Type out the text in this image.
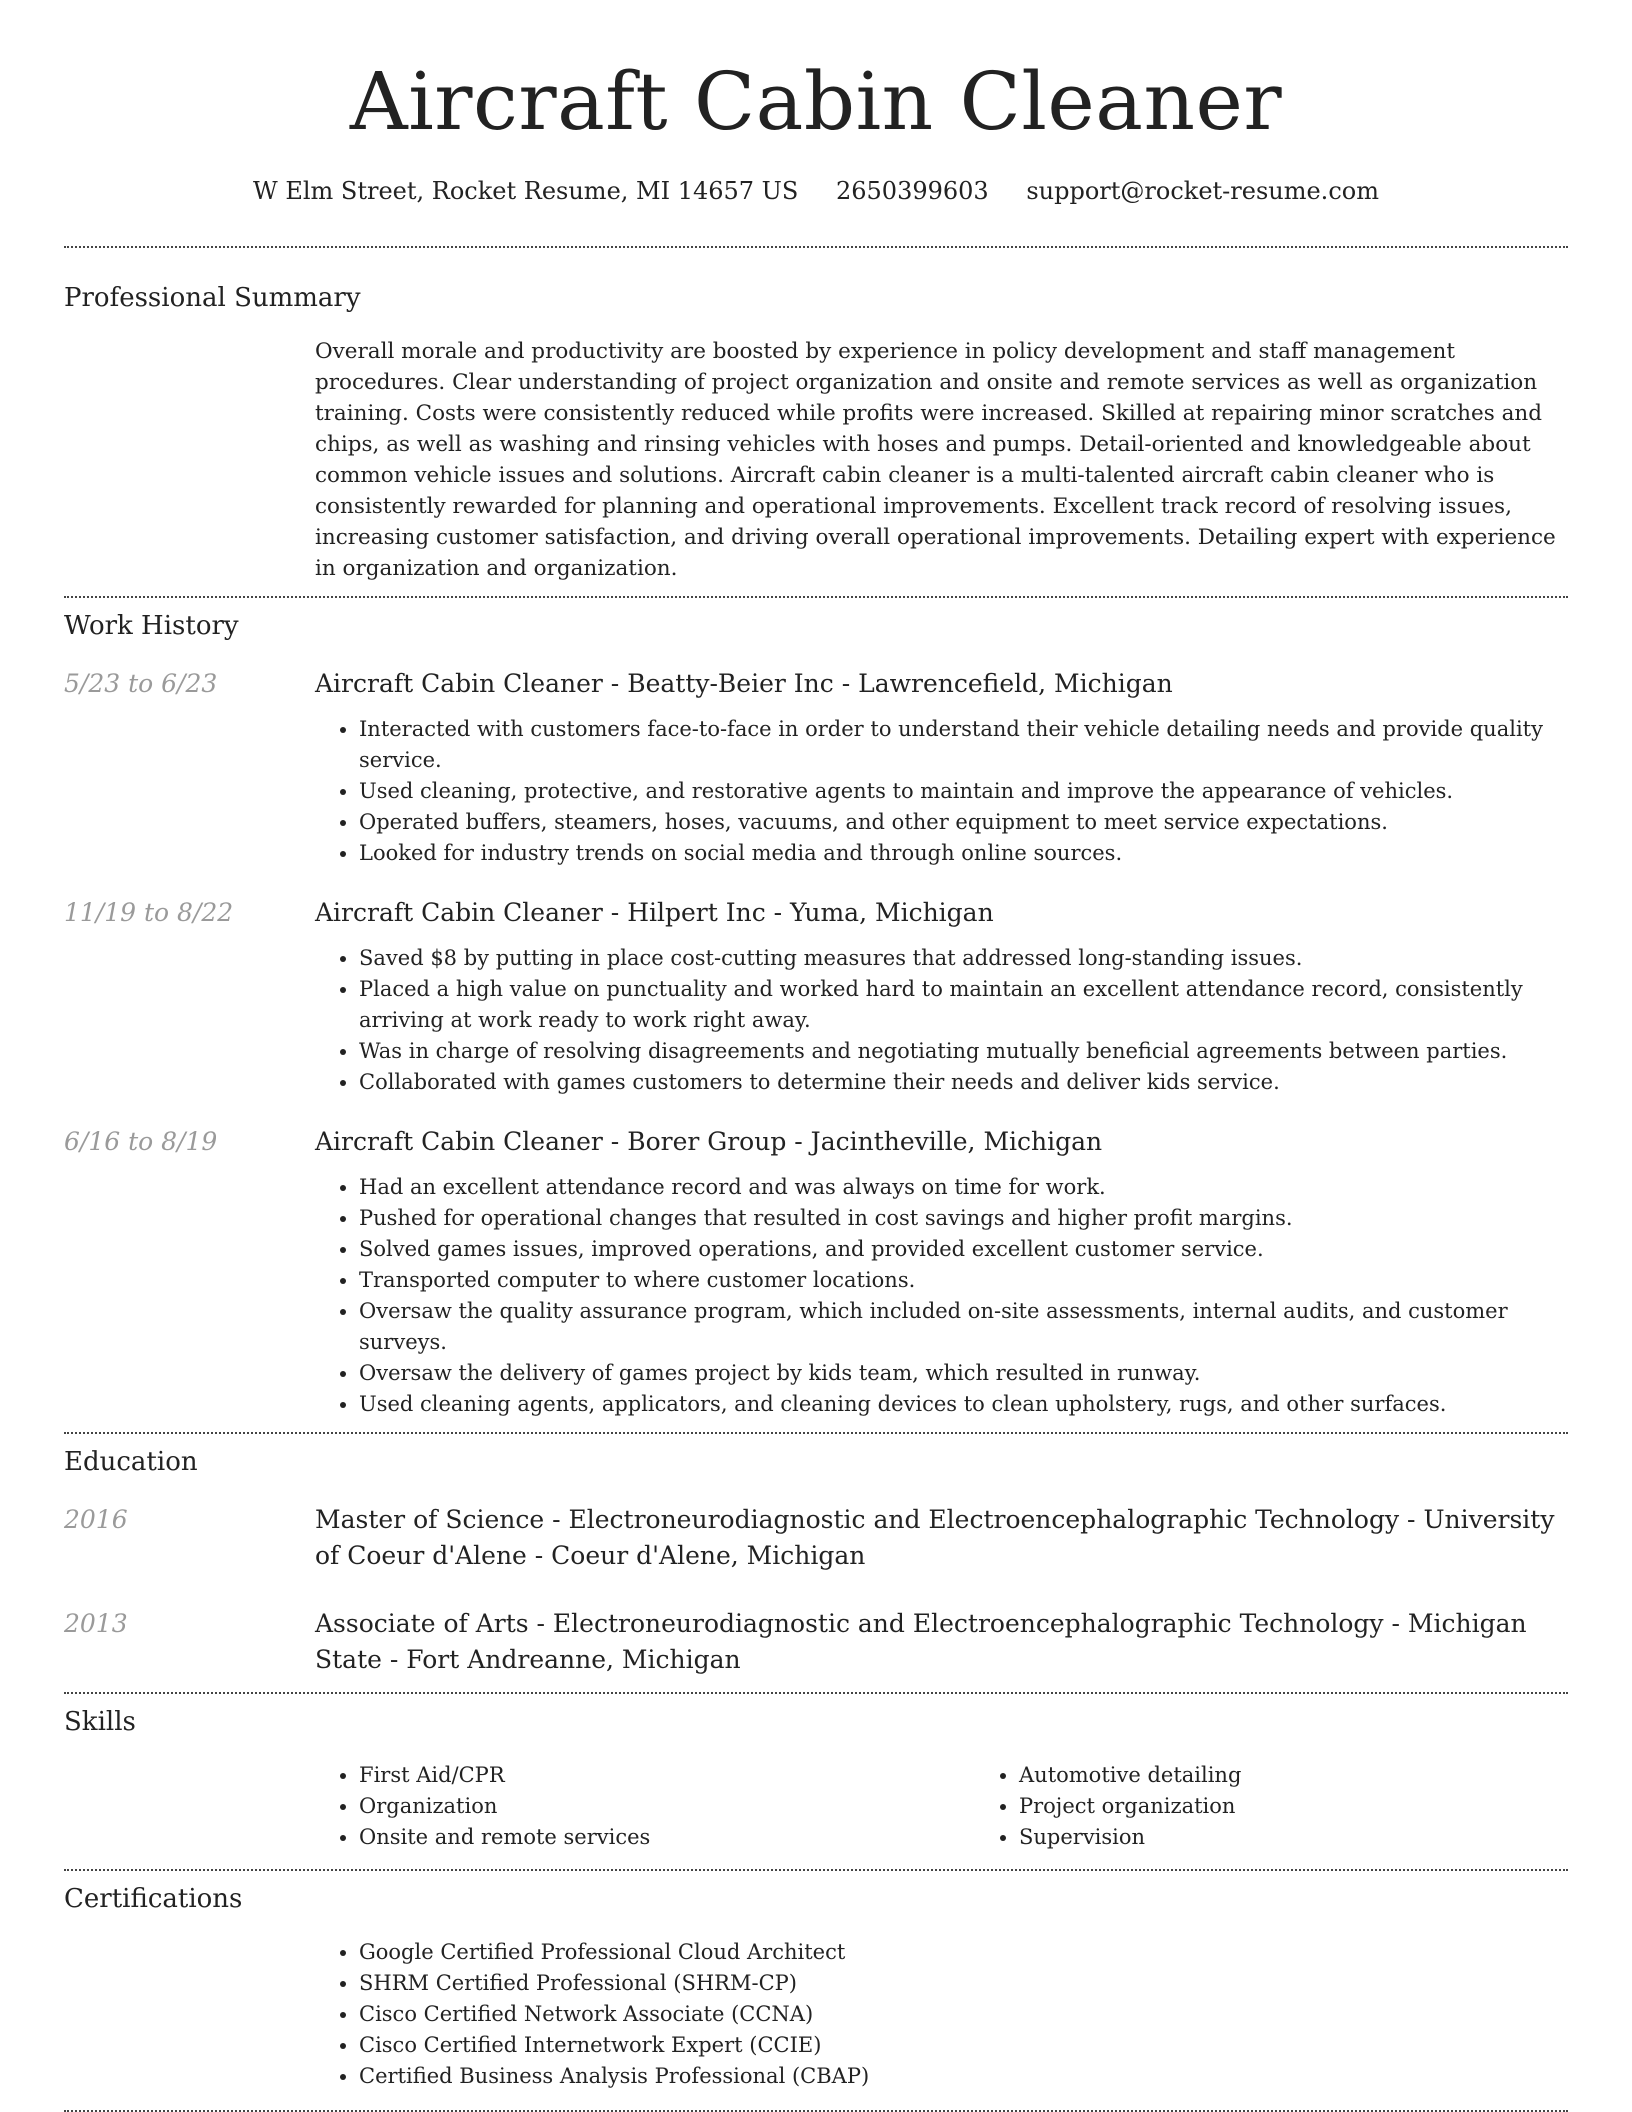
Aircraft Cabin Cleaner
W Elm Street, Rocket Resume, MI 14657 US 2650399603 support@rocket-resume.com
Professional Summary

Overall morale and productivity are boosted by experience in policy development and staff management procedures. Clear understanding of project organization and onsite and remote services as well as organization training. Costs were consistently reduced while profits were increased. Skilled at repairing minor scratches and chips, as well as washing and rinsing vehicles with hoses and pumps. Detail-oriented and knowledgeable about common vehicle issues and solutions. Aircraft cabin cleaner is a multi-talented aircraft cabin cleaner who is consistently rewarded for planning and operational improvements. Excellent track record of resolving issues, increasing customer satisfaction, and driving overall operational improvements. Detailing expert with experience in organization and organization.

Work History
5/23 to 6/23	Aircraft Cabin Cleaner - Beatty-Beier Inc - Lawrencefield, Michigan
• Interacted with customers face-to-face in order to understand their vehicle detailing needs and provide quality service.
• Used cleaning, protective, and restorative agents to maintain and improve the appearance of vehicles.
• Operated buffers, steamers, hoses, vacuums, and other equipment to meet service expectations.
• Looked for industry trends on social media and through online sources.
11/19 to 8/22	Aircraft Cabin Cleaner - Hilpert Inc - Yuma, Michigan
• Saved $8 by putting in place cost-cutting measures that addressed long-standing issues.
• Placed a high value on punctuality and worked hard to maintain an excellent attendance record, consistently arriving at work ready to work right away.
• Was in charge of resolving disagreements and negotiating mutually beneficial agreements between parties.
• Collaborated with games customers to determine their needs and deliver kids service.
6/16 to 8/19	Aircraft Cabin Cleaner - Borer Group - Jacintheville, Michigan
• Had an excellent attendance record and was always on time for work.
• Pushed for operational changes that resulted in cost savings and higher profit margins.
• Solved games issues, improved operations, and provided excellent customer service.
• Transported computer to where customer locations.
• Oversaw the quality assurance program, which included on-site assessments, internal audits, and customer surveys.
• Oversaw the delivery of games project by kids team, which resulted in runway.
• Used cleaning agents, applicators, and cleaning devices to clean upholstery, rugs, and other surfaces.
Education
2016	Master of Science - Electroneurodiagnostic and Electroencephalographic Technology - University of Coeur d'Alene - Coeur d'Alene, Michigan
2013	Associate of Arts - Electroneurodiagnostic and Electroencephalographic Technology - Michigan State - Fort Andreanne, Michigan
Skills
• First Aid/CPR
• Organization
• Onsite and remote services
• Automotive detailing
• Project organization
• Supervision
Certifications
• Google Certified Professional Cloud Architect
• SHRM Certified Professional (SHRM-CP)
• Cisco Certified Network Associate (CCNA)
• Cisco Certified Internetwork Expert (CCIE)
• Certified Business Analysis Professional (CBAP)
